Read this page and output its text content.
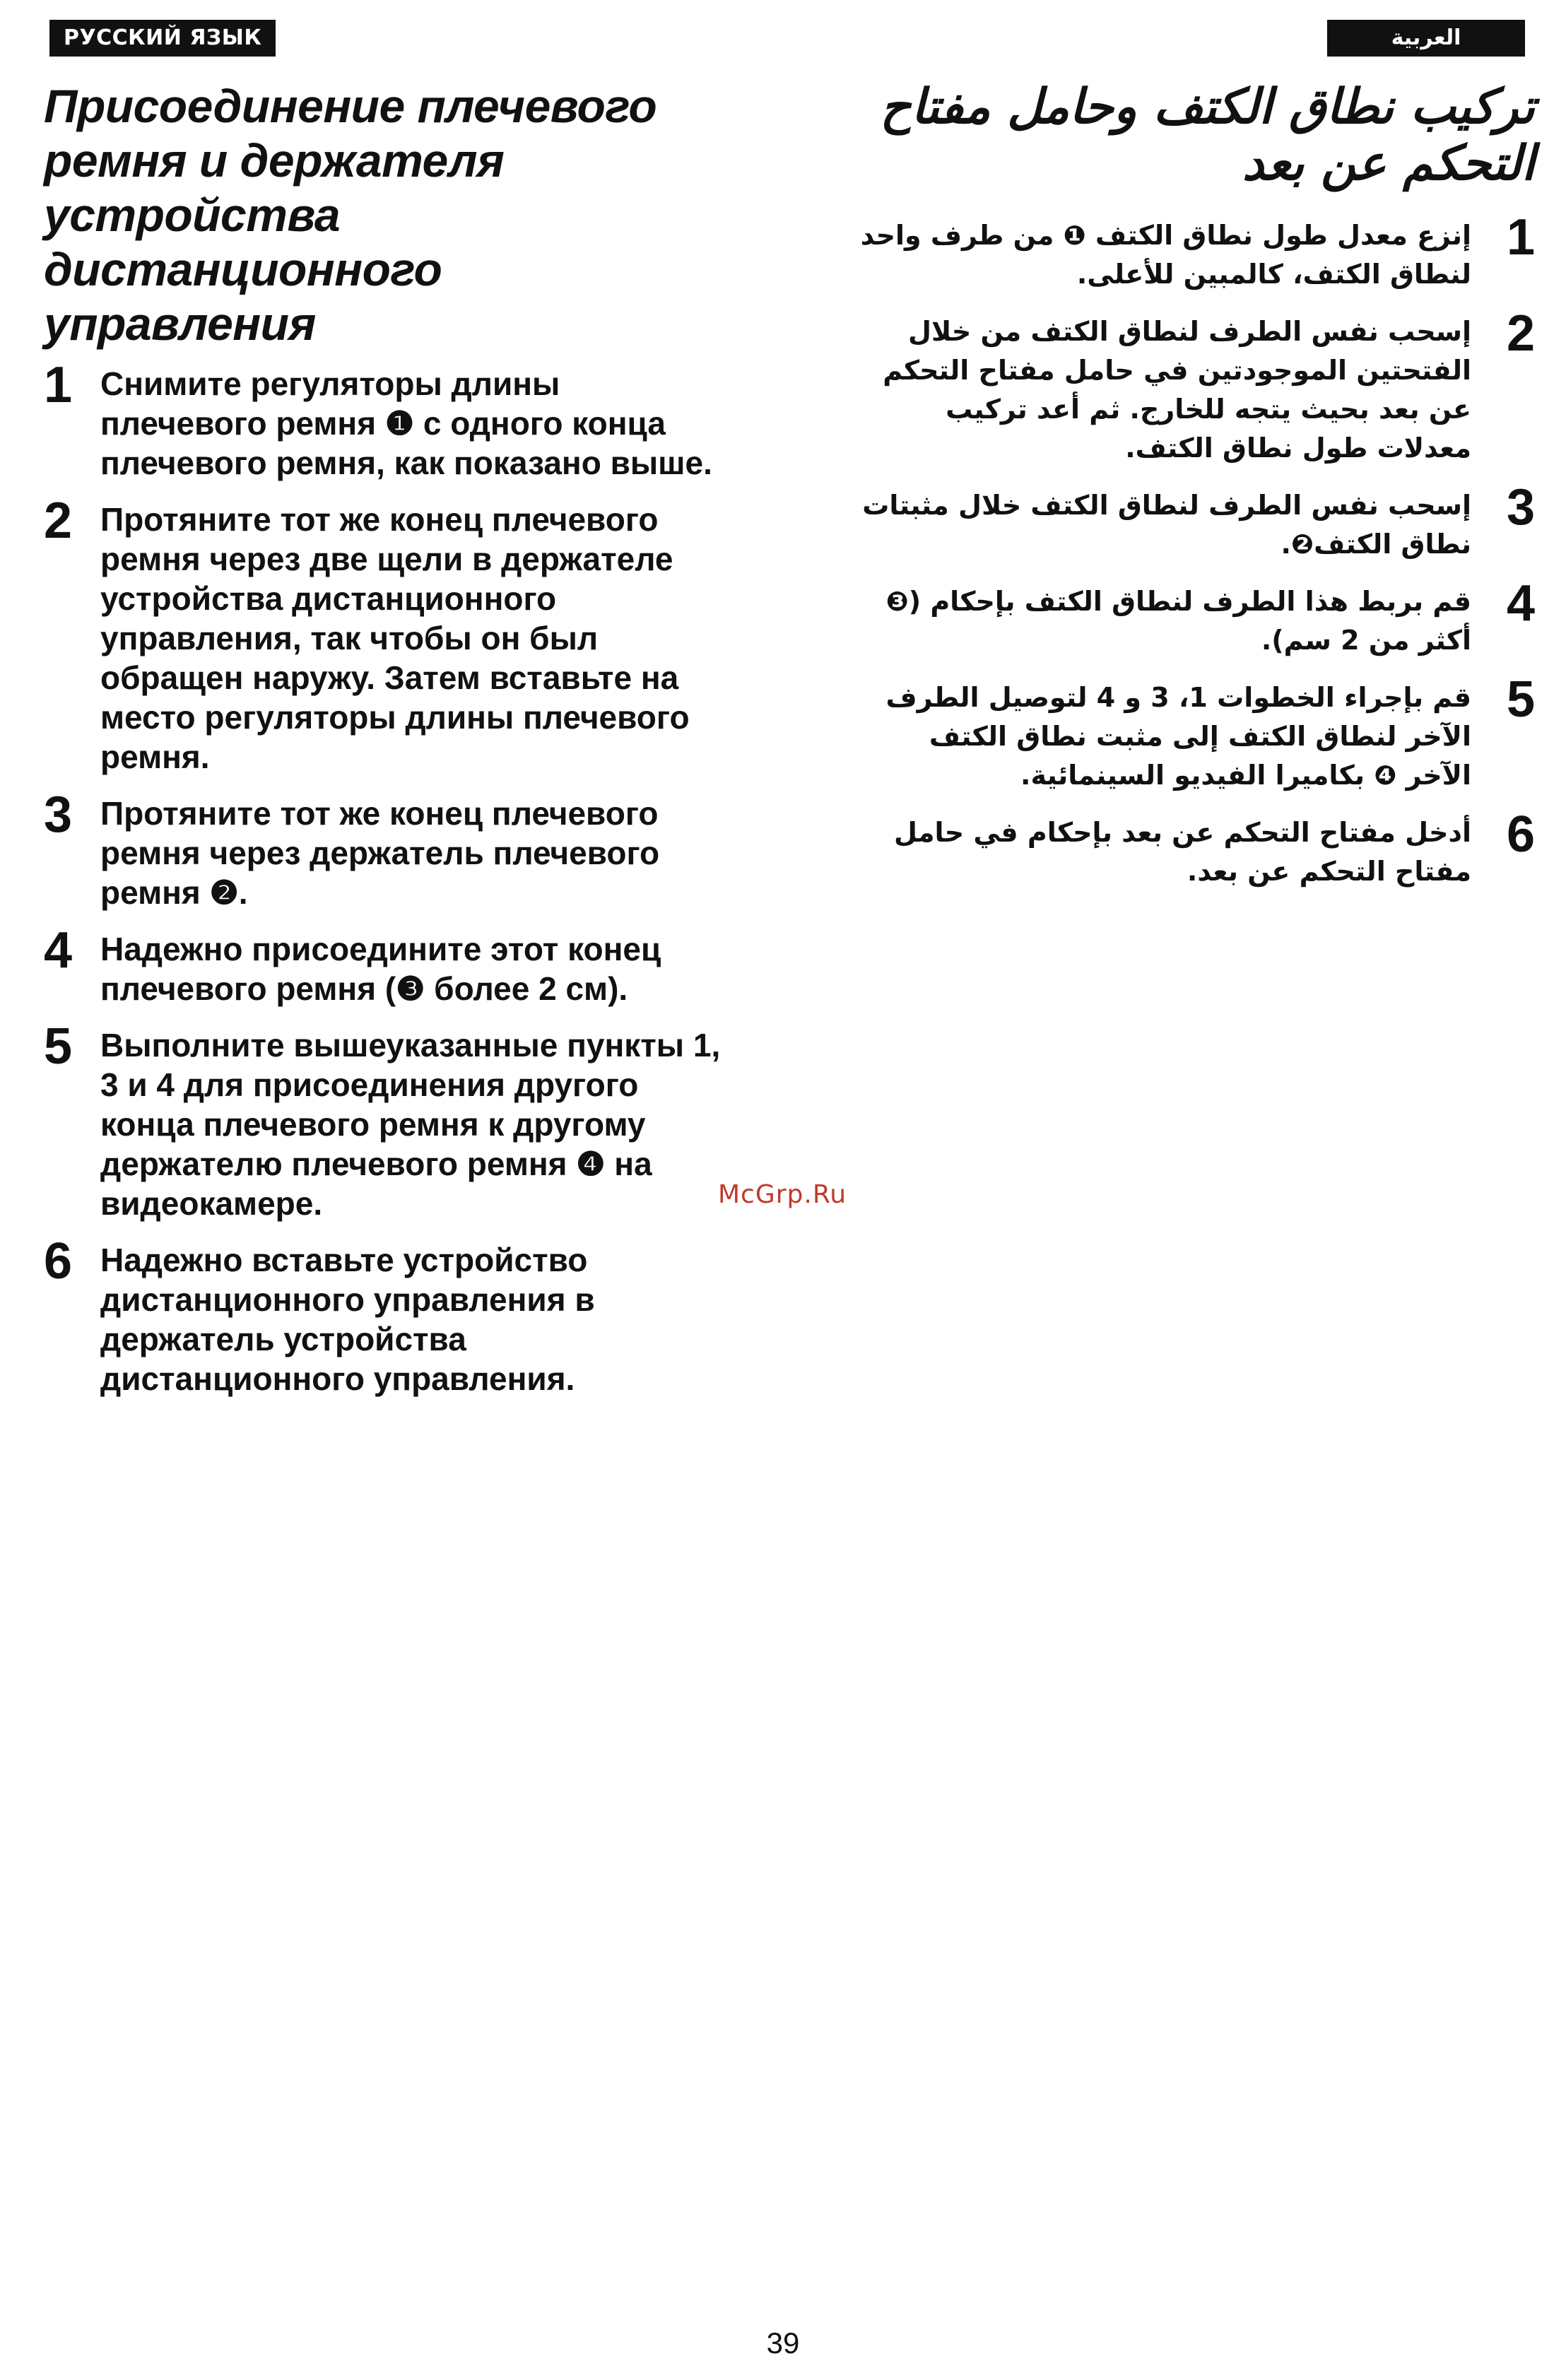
РУССКИЙ ЯЗЫК	العربية
Присоединение плечевого ремня и держателя устройства дистанционного управления
1 Снимите регуляторы длины плечевого ремня ❶ с одного конца плечевого ремня, как показано выше.
2 Протяните тот же конец плечевого ремня через две щели в держателе устройства дистанционного управления, так чтобы он был обращен наружу. Затем вставьте на место регуляторы длины плечевого ремня.
3 Протяните тот же конец плечевого ремня через держатель плечевого ремня ❷.
4 Надежно присоедините этот конец плечевого ремня (❸ более 2 см).
5 Выполните вышеуказанные пункты 1, 3 и 4 для присоединения другого конца плечевого ремня к другому держателю плечевого ремня ❹ на видеокамере.
6 Надежно вставьте устройство дистанционного управления в держатель устройства дистанционного управления.
تركيب نطاق الكتف وحامل مفتاح التحكم عن بعد
1
إنزع معدل طول نطاق الكتف ❶ من طرف واحد لنطاق الكتف، كالمبين للأعلى.
2
إسحب نفس الطرف لنطاق الكتف من خلال الفتحتين الموجودتين في حامل مفتاح التحكم عن بعد بحيث يتجه للخارج. ثم أعد تركيب معدلات طول نطاق الكتف.
3
إسحب نفس الطرف لنطاق الكتف خلال مثبتات نطاق الكتف❷.
4
قم بربط هذا الطرف لنطاق الكتف بإحكام (❸ أكثر من 2 سم).
5
قم بإجراء الخطوات 1، 3 و 4 لتوصيل الطرف الآخر لنطاق الكتف إلى مثبت نطاق الكتف الآخر ❹ بكاميرا الفيديو السينمائية.
6
أدخل مفتاح التحكم عن بعد بإحكام في حامل مفتاح التحكم عن بعد.
McGrp.Ru
39
